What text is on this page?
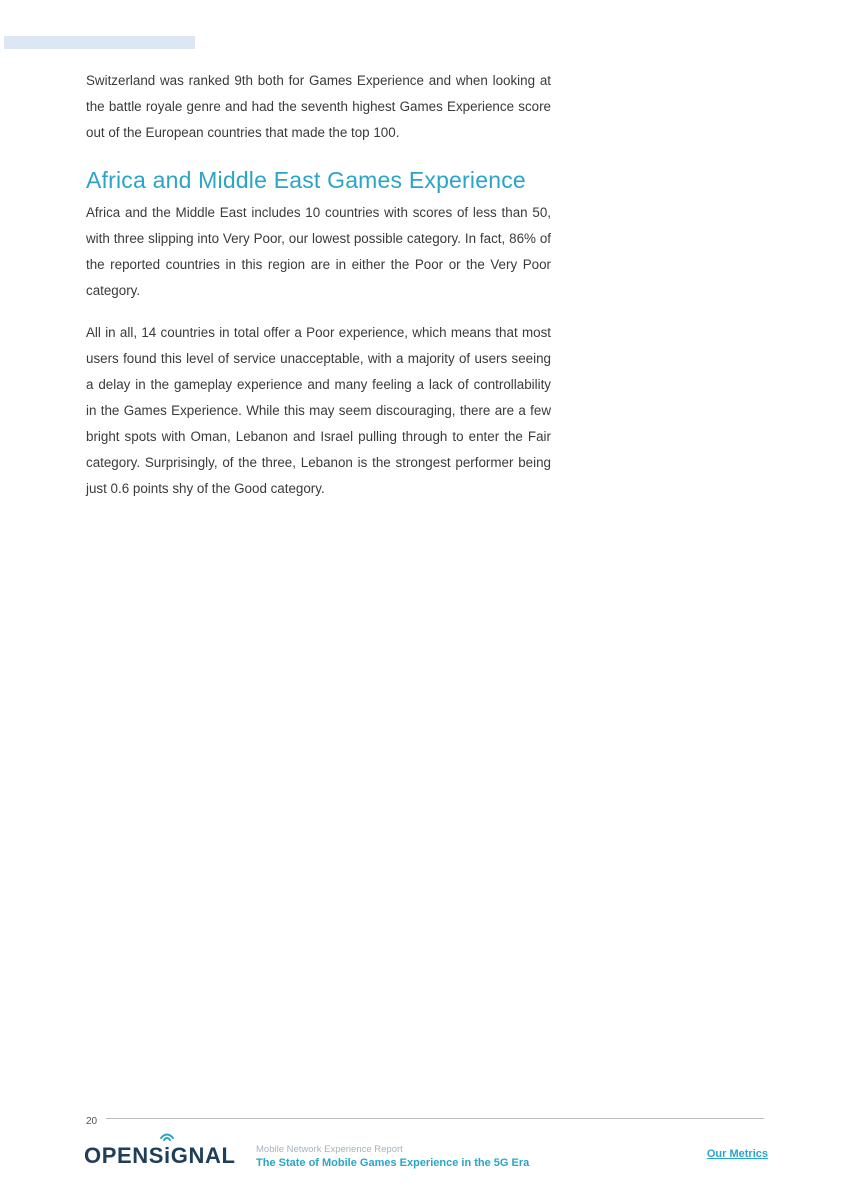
Switzerland was ranked 9th both for Games Experience and when looking at the battle royale genre and had the seventh highest Games Experience score out of the European countries that made the top 100.

Africa and Middle East Games Experience

Africa and the Middle East includes 10 countries with scores of less than 50, with three slipping into Very Poor, our lowest possible category. In fact, 86% of the reported countries in this region are in either the Poor or the Very Poor category.

All in all, 14 countries in total offer a Poor experience, which means that most users found this level of service unacceptable, with a majority of users seeing a delay in the gameplay experience and many feeling a lack of controllability in the Games Experience. While this may seem discouraging, there are a few bright spots with Oman, Lebanon and Israel pulling through to enter the Fair category. Surprisingly, of the three, Lebanon is the strongest performer being just 0.6 points shy of the Good category.

20
OPENS i GNAL Mobile Network Experience Report
The State of Mobile Games Experience in the 5G Era
Our Metrics
